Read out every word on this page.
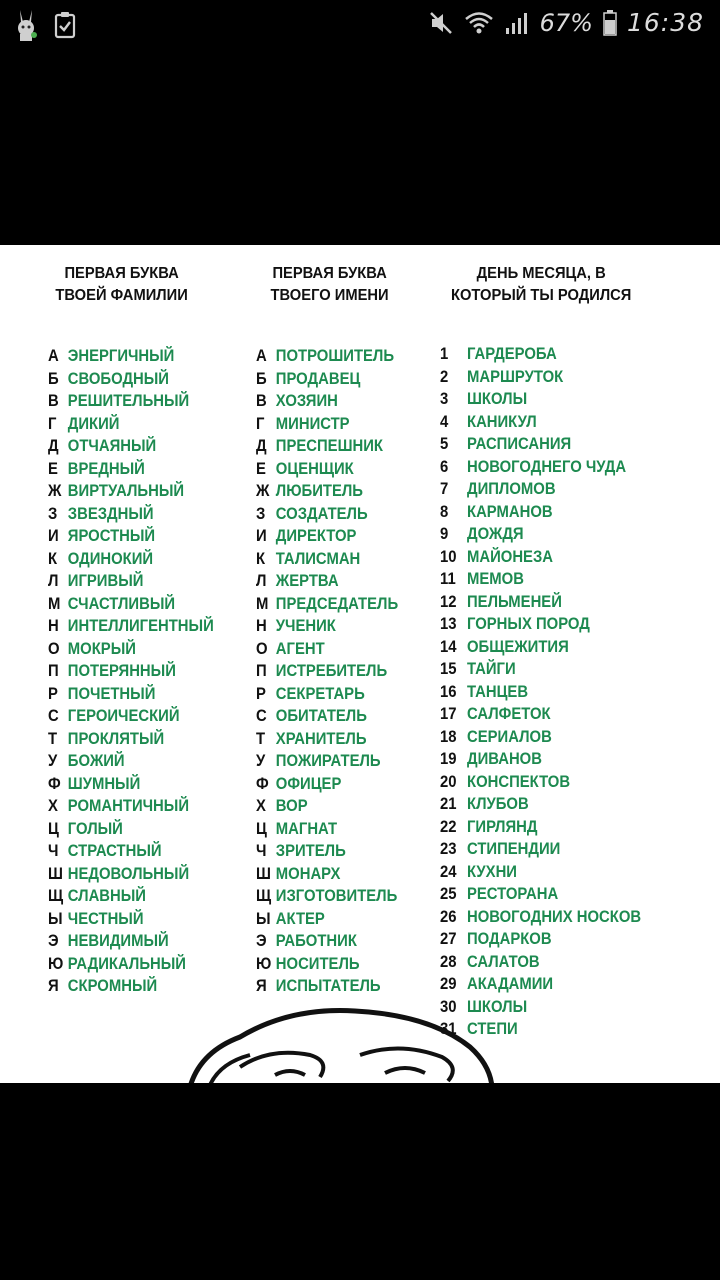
67% 16:38
ПЕРВАЯ БУКВА
ТВОЕЙ ФАМИЛИИ
А ЭНЕРГИЧНЫЙ
Б СВОБОДНЫЙ
В РЕШИТЕЛЬНЫЙ
Г ДИКИЙ
Д ОТЧАЯНЫЙ
Е ВРЕДНЫЙ
Ж ВИРТУАЛЬНЫЙ
З ЗВЕЗДНЫЙ
И ЯРОСТНЫЙ
К ОДИНОКИЙ
Л ИГРИВЫЙ
М СЧАСТЛИВЫЙ
Н ИНТЕЛЛИГЕНТНЫЙ
О МОКРЫЙ
П ПОТЕРЯННЫЙ
Р ПОЧЕТНЫЙ
С ГЕРОИЧЕСКИЙ
Т ПРОКЛЯТЫЙ
У БОЖИЙ
Ф ШУМНЫЙ
Х РОМАНТИЧНЫЙ
Ц ГОЛЫЙ
Ч СТРАСТНЫЙ
Ш НЕДОВОЛЬНЫЙ
Щ СЛАВНЫЙ
Ы ЧЕСТНЫЙ
Э НЕВИДИМЫЙ
Ю РАДИКАЛЬНЫЙ
Я СКРОМНЫЙ
ПЕРВАЯ БУКВА
ТВОЕГО ИМЕНИ
А ПОТРОШИТЕЛЬ
Б ПРОДАВЕЦ
В ХОЗЯИН
Г МИНИСТР
Д ПРЕСПЕШНИК
Е ОЦЕНЩИК
Ж ЛЮБИТЕЛЬ
З СОЗДАТЕЛЬ
И ДИРЕКТОР
К ТАЛИСМАН
Л ЖЕРТВА
М ПРЕДСЕДАТЕЛЬ
Н УЧЕНИК
О АГЕНТ
П ИСТРЕБИТЕЛЬ
Р СЕКРЕТАРЬ
С ОБИТАТЕЛЬ
Т ХРАНИТЕЛЬ
У ПОЖИРАТЕЛЬ
Ф ОФИЦЕР
Х ВОР
Ц МАГНАТ
Ч ЗРИТЕЛЬ
Ш МОНАРХ
Щ ИЗГОТОВИТЕЛЬ
Ы АКТЕР
Э РАБОТНИК
Ю НОСИТЕЛЬ
Я ИСПЫТАТЕЛЬ
ДЕНЬ МЕСЯЦА, В
КОТОРЫЙ ТЫ РОДИЛСЯ
1 ГАРДЕРОБА
2 МАРШРУТОК
3 ШКОЛЫ
4 КАНИКУЛ
5 РАСПИСАНИЯ
6 НОВОГОДНЕГО ЧУДА
7 ДИПЛОМОВ
8 КАРМАНОВ
9 ДОЖДЯ
10 МАЙОНЕЗА
11 МЕМОВ
12 ПЕЛЬМЕНЕЙ
13 ГОРНЫХ ПОРОД
14 ОБЩЕЖИТИЯ
15 ТАЙГИ
16 ТАНЦЕВ
17 САЛФЕТОК
18 СЕРИАЛОВ
19 ДИВАНОВ
20 КОНСПЕКТОВ
21 КЛУБОВ
22 ГИРЛЯНД
23 СТИПЕНДИИ
24 КУХНИ
25 РЕСТОРАНА
26 НОВОГОДНИХ НОСКОВ
27 ПОДАРКОВ
28 САЛАТОВ
29 АКАДАМИИ
30 ШКОЛЫ
31 СТЕПИ
